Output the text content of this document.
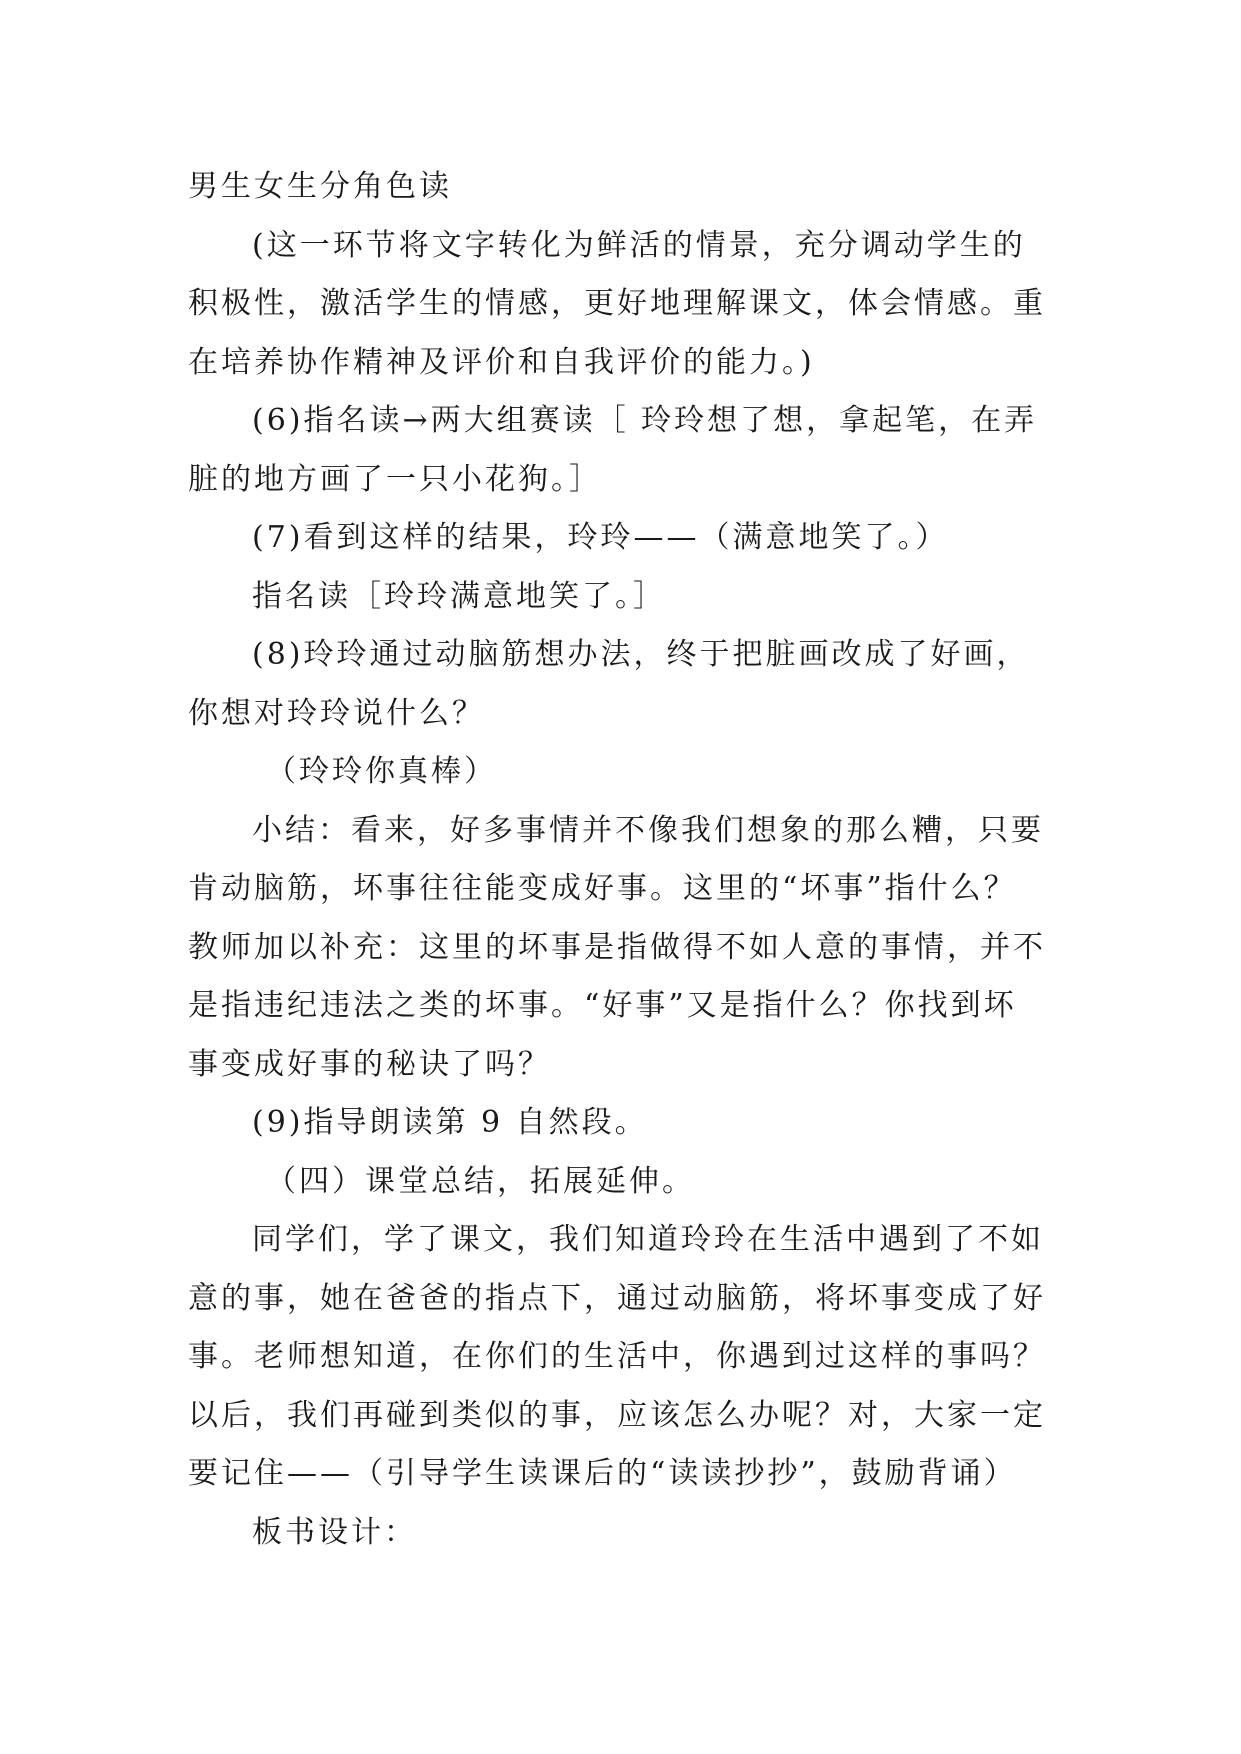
男生女生分角色读

(这一环节将文字转化为鲜活的情景，充分调动学生的积极性，激活学生的情感，更好地理解课文，体会情感。重在培养协作精神及评价和自我评价的能力。)

(6)指名读→两大组赛读［ 玲玲想了想，拿起笔，在弄脏的地方画了一只小花狗。］

(7)看到这样的结果，玲玲——（满意地笑了。）

指名读［玲玲满意地笑了。］

(8)玲玲通过动脑筋想办法，终于把脏画改成了好画，你想对玲玲说什么？

（玲玲你真棒）

小结：看来，好多事情并不像我们想象的那么糟，只要肯动脑筋，坏事往往能变成好事。这里的“坏事”指什么？教师加以补充：这里的坏事是指做得不如人意的事情，并不是指违纪违法之类的坏事。“好事”又是指什么？你找到坏事变成好事的秘诀了吗？

(9)指导朗读第 9 自然段。

（四）课堂总结，拓展延伸。

同学们，学了课文，我们知道玲玲在生活中遇到了不如意的事，她在爸爸的指点下，通过动脑筋，将坏事变成了好事。老师想知道，在你们的生活中，你遇到过这样的事吗？以后，我们再碰到类似的事，应该怎么办呢？对，大家一定要记住——（引导学生读课后的“读读抄抄”，鼓励背诵）

板书设计：
